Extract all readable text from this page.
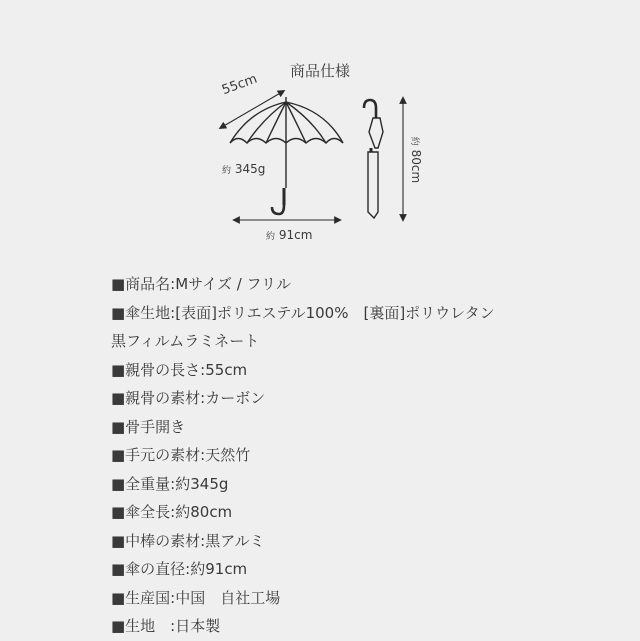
商品仕様
55cm
約 345g
約 91cm
約 80cm
■商品名:Mサイズ / フリル
■傘生地:[表面]ポリエステル100%　[裏面]ポリウレタン
黒フィルムラミネート
■親骨の長さ:55cm
■親骨の素材:カーボン
■骨手開き
■手元の素材:天然竹
■全重量:約345g
■傘全長:約80cm
■中棒の素材:黒アルミ
■傘の直径:約91cm
■生産国:中国　自社工場
■生地　:日本製
